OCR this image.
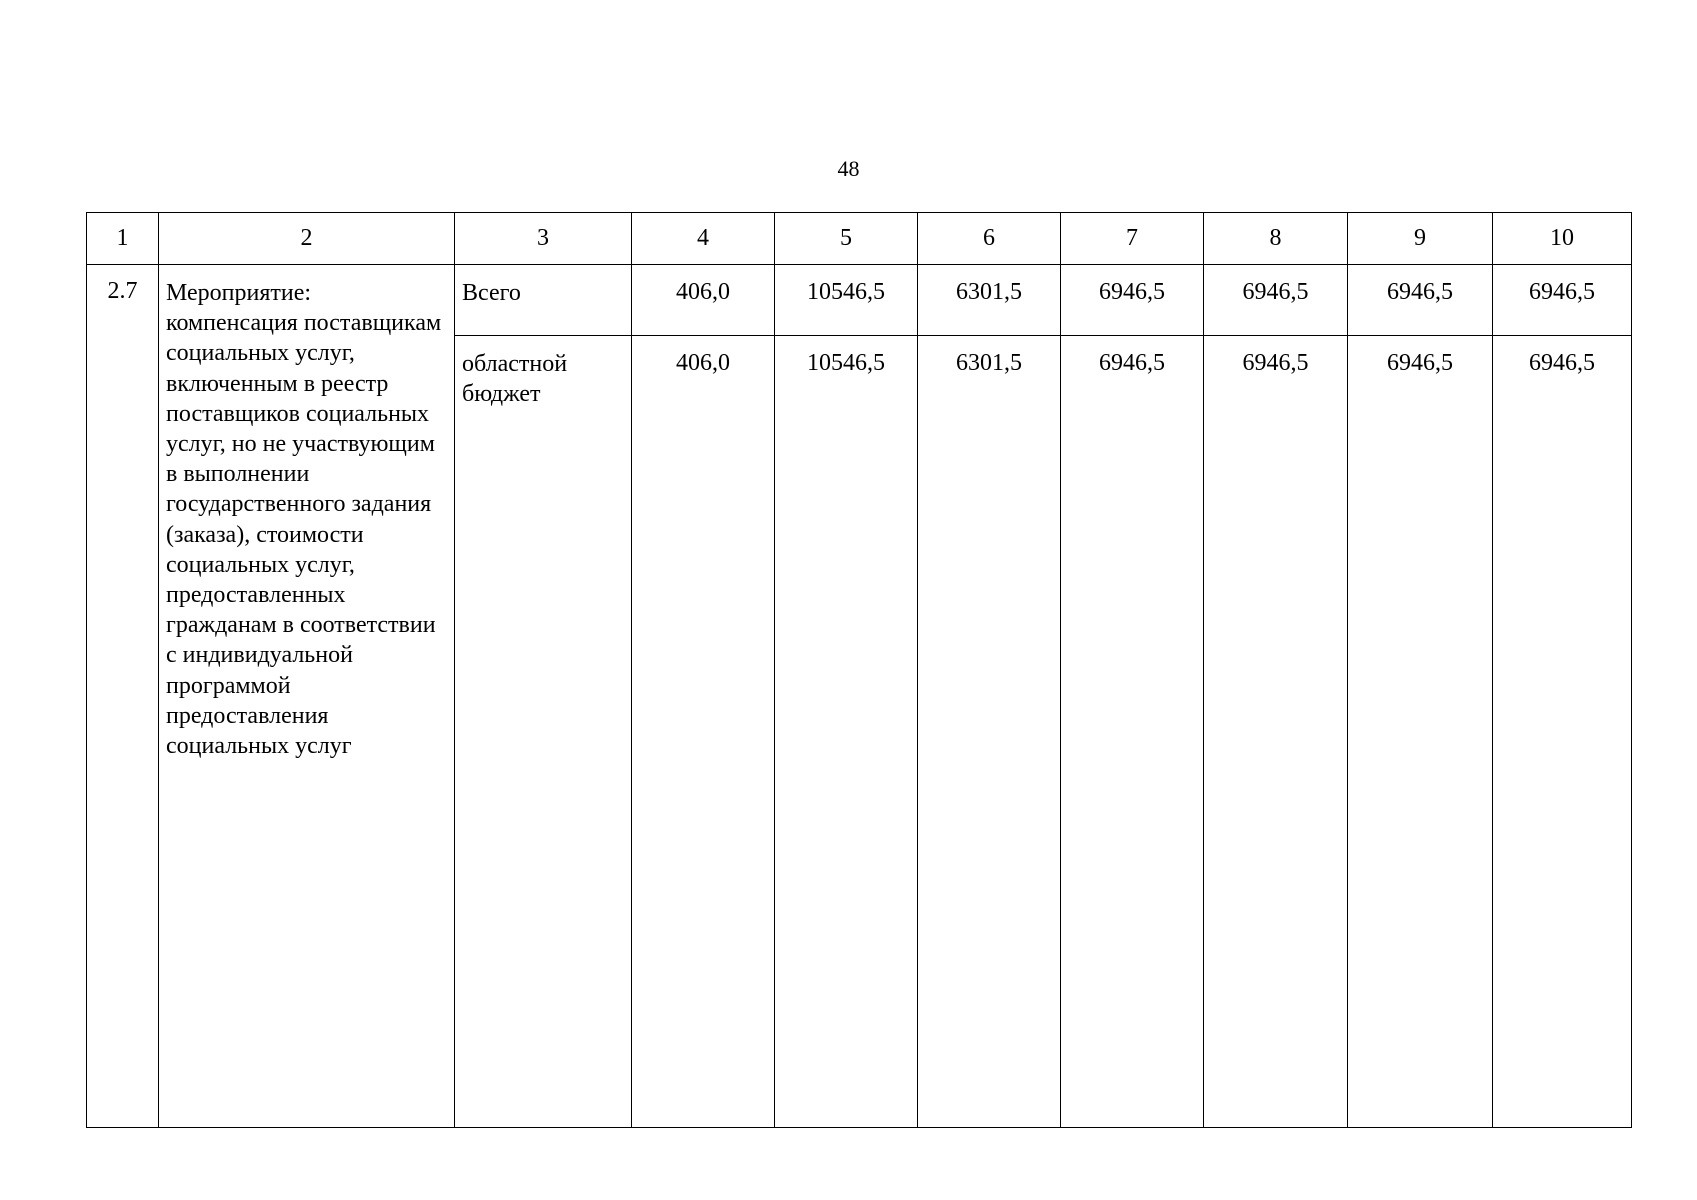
48
1	2	3	4	5	6	7	8	9	10
2.7	Мероприятие: компенсация поставщикам социальных услуг, включенным в реестр поставщиков социальных услуг, но не участвующим в выполнении государственного задания (заказа), стоимости социальных услуг, предоставленных гражданам в соответствии с индивидуальной программой предоставления социальных услуг	Всего	406,0	10546,5	6301,5	6946,5	6946,5	6946,5	6946,5

		областной бюджет	406,0	10546,5	6301,5	6946,5	6946,5	6946,5	6946,5
